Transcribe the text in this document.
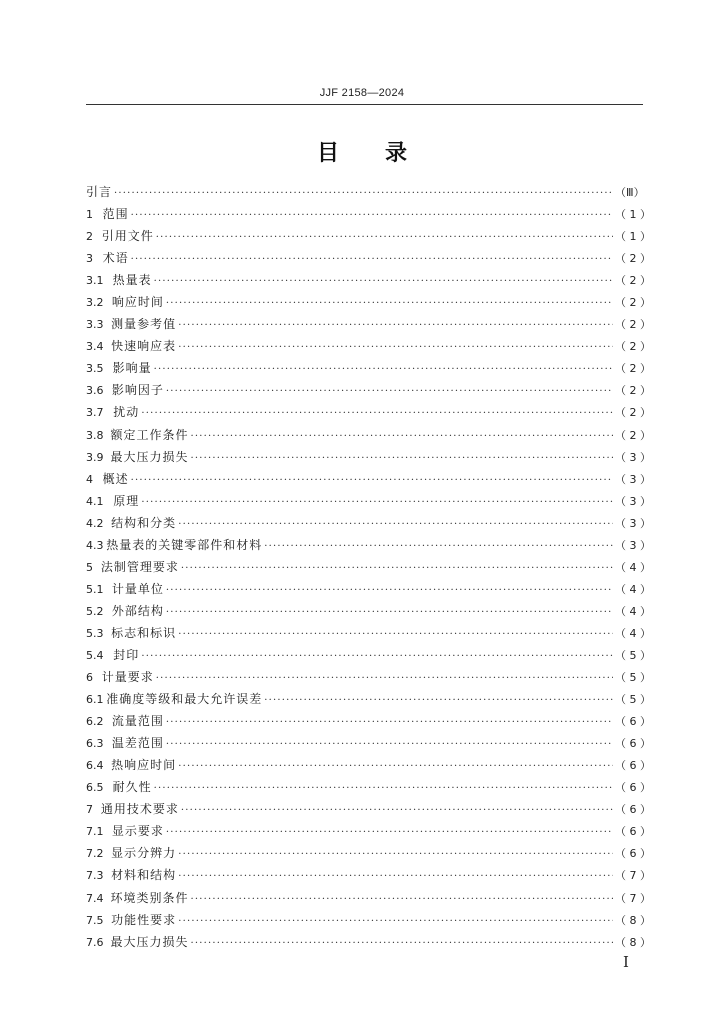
JJF 2158—2024
目 录
引言 ·····	（Ⅲ）
1 范围 ·····	（ 1 ）
2 引用文件 ·····	（ 1 ）
3 术语 ·····	（ 2 ）
3.1 热量表 ·····	（ 2 ）
3.2 响应时间 ·····	（ 2 ）
3.3 测量参考值 ·····	（ 2 ）
3.4 快速响应表 ·····	（ 2 ）
3.5 影响量 ·····	（ 2 ）
3.6 影响因子 ·····	（ 2 ）
3.7 扰动 ·····	（ 2 ）
3.8 额定工作条件 ·····	（ 2 ）
3.9 最大压力损失 ·····	（ 3 ）
4 概述 ·····	（ 3 ）
4.1 原理 ·····	（ 3 ）
4.2 结构和分类 ·····	（ 3 ）
4.3 热量表的关键零部件和材料 ·····	（ 3 ）
5 法制管理要求 ·····	（ 4 ）
5.1 计量单位 ·····	（ 4 ）
5.2 外部结构 ·····	（ 4 ）
5.3 标志和标识 ·····	（ 4 ）
5.4 封印 ·····	（ 5 ）
6 计量要求 ·····	（ 5 ）
6.1 准确度等级和最大允许误差 ·····	（ 5 ）
6.2 流量范围 ·····	（ 6 ）
6.3 温差范围 ·····	（ 6 ）
6.4 热响应时间 ·····	（ 6 ）
6.5 耐久性 ·····	（ 6 ）
7 通用技术要求 ·····	（ 6 ）
7.1 显示要求 ·····	（ 6 ）
7.2 显示分辨力 ·····	（ 6 ）
7.3 材料和结构 ·····	（ 7 ）
7.4 环境类别条件 ·····	（ 7 ）
7.5 功能性要求 ·····	（ 8 ）
7.6 最大压力损失 ·····	（ 8 ）
I
